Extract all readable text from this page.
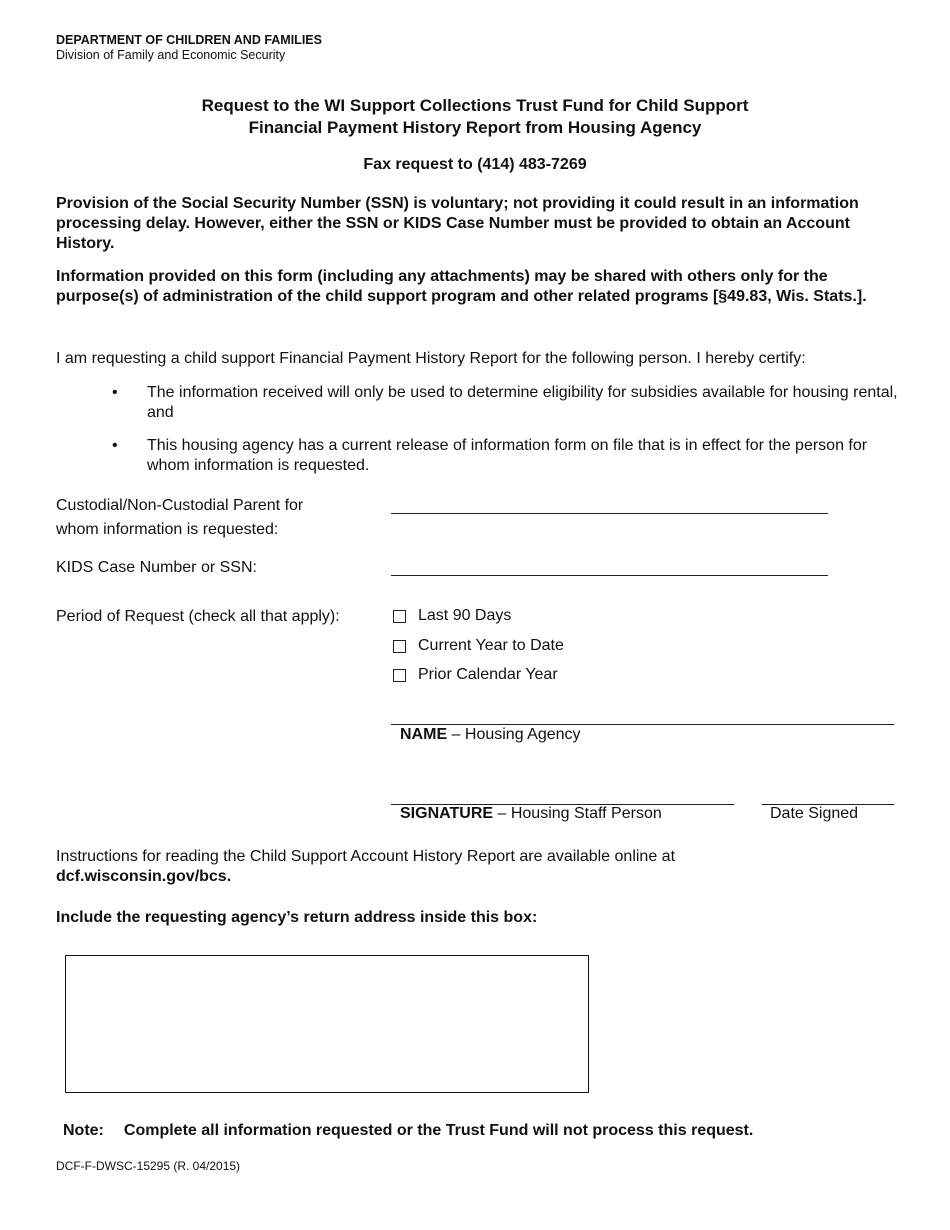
DEPARTMENT OF CHILDREN AND FAMILIES
Division of Family and Economic Security
Request to the WI Support Collections Trust Fund for Child Support
Financial Payment History Report from Housing Agency
Fax request to (414) 483-7269
Provision of the Social Security Number (SSN) is voluntary; not providing it could result in an information processing delay. However, either the SSN or KIDS Case Number must be provided to obtain an Account History.
Information provided on this form (including any attachments) may be shared with others only for the purpose(s) of administration of the child support program and other related programs [§49.83, Wis. Stats.].
I am requesting a child support Financial Payment History Report for the following person. I hereby certify:
•	The information received will only be used to determine eligibility for subsidies available for housing rental, and
•	This housing agency has a current release of information form on file that is in effect for the person for whom information is requested.
Custodial/Non-Custodial Parent for
whom information is requested:
KIDS Case Number or SSN:
Period of Request (check all that apply):	Last 90 Days
Current Year to Date
Prior Calendar Year
NAME – Housing Agency
SIGNATURE – Housing Staff Person	Date Signed
Instructions for reading the Child Support Account History Report are available online at
dcf.wisconsin.gov/bcs.
Include the requesting agency’s return address inside this box:
Note: Complete all information requested or the Trust Fund will not process this request.
DCF-F-DWSC-15295 (R. 04/2015)
